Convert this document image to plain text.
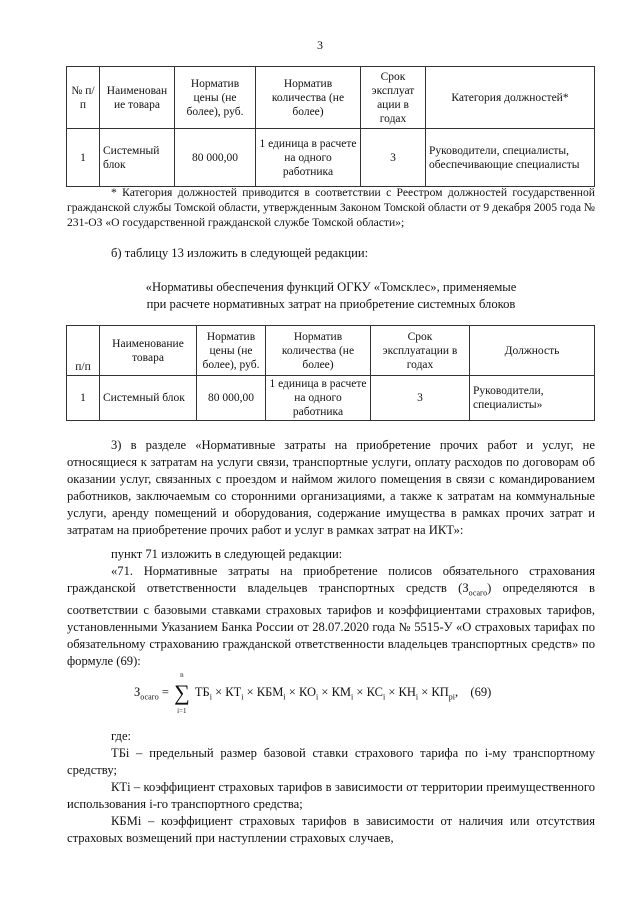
3
№ п/п	Наименован ие товара	Норматив цены (не более), руб.	Норматив количества (не более)	Срок эксплуат ации в годах	Категория должностей*
1	Системный блок	80 000,00	1 единица в расчете на одного работника	3	Руководители, специалисты, обеспечивающие специалисты
* Категория должностей приводится в соответствии с Реестром должностей государственной гражданской службы Томской области, утвержденным Законом Томской области от 9 декабря 2005 года № 231-ОЗ «О государственной гражданской службе Томской области»;
б) таблицу 13 изложить в следующей редакции:
«Нормативы обеспечения функций ОГКУ «Томсклес», применяемые
при расчете нормативных затрат на приобретение системных блоков
п/п	Наименование товара	Норматив цены (не более), руб.	Норматив количества (не более)	Срок эксплуатации в годах	Должность
1	Системный блок	80 000,00	1 единица в расчете на одного работника	3	Руководители, специалисты»
3) в разделе «Нормативные затраты на приобретение прочих работ и услуг, не относящиеся к затратам на услуги связи, транспортные услуги, оплату расходов по договорам об оказании услуг, связанных с проездом и наймом жилого помещения в связи с командированием работников, заключаемым со сторонними организациями, а также к затратам на коммунальные услуги, аренду помещений и оборудования, содержание имущества в рамках прочих затрат и затратам на приобретение прочих работ и услуг в рамках затрат на ИКТ»:
пункт 71 изложить в следующей редакции:
«71. Нормативные затраты на приобретение полисов обязательного страхования гражданской ответственности владельцев транспортных средств $(З_{осаго})$ определяются в соответствии с базовыми ставками страховых тарифов и коэффициентами страховых тарифов, установленными Указанием Банка России от 28.07.2020 года № 5515-У «О страховых тарифах по обязательному страхованию гражданской ответственности владельцев транспортных средств» по формуле (69):
$З_{осаго}$ = ∑
n
i=1
$ТБ_i \times КТ_i \times КБМ_i \times КО_i \times КМ_i \times КС_i \times КН_i \times КП_{pi}$,  (69)
где:
ТБi – предельный размер базовой ставки страхового тарифа по i-му транспортному средству;
КТi – коэффициент страховых тарифов в зависимости от территории преимущественного использования i-го транспортного средства;
КБМi – коэффициент страховых тарифов в зависимости от наличия или отсутствия страховых возмещений при наступлении страховых случаев,
